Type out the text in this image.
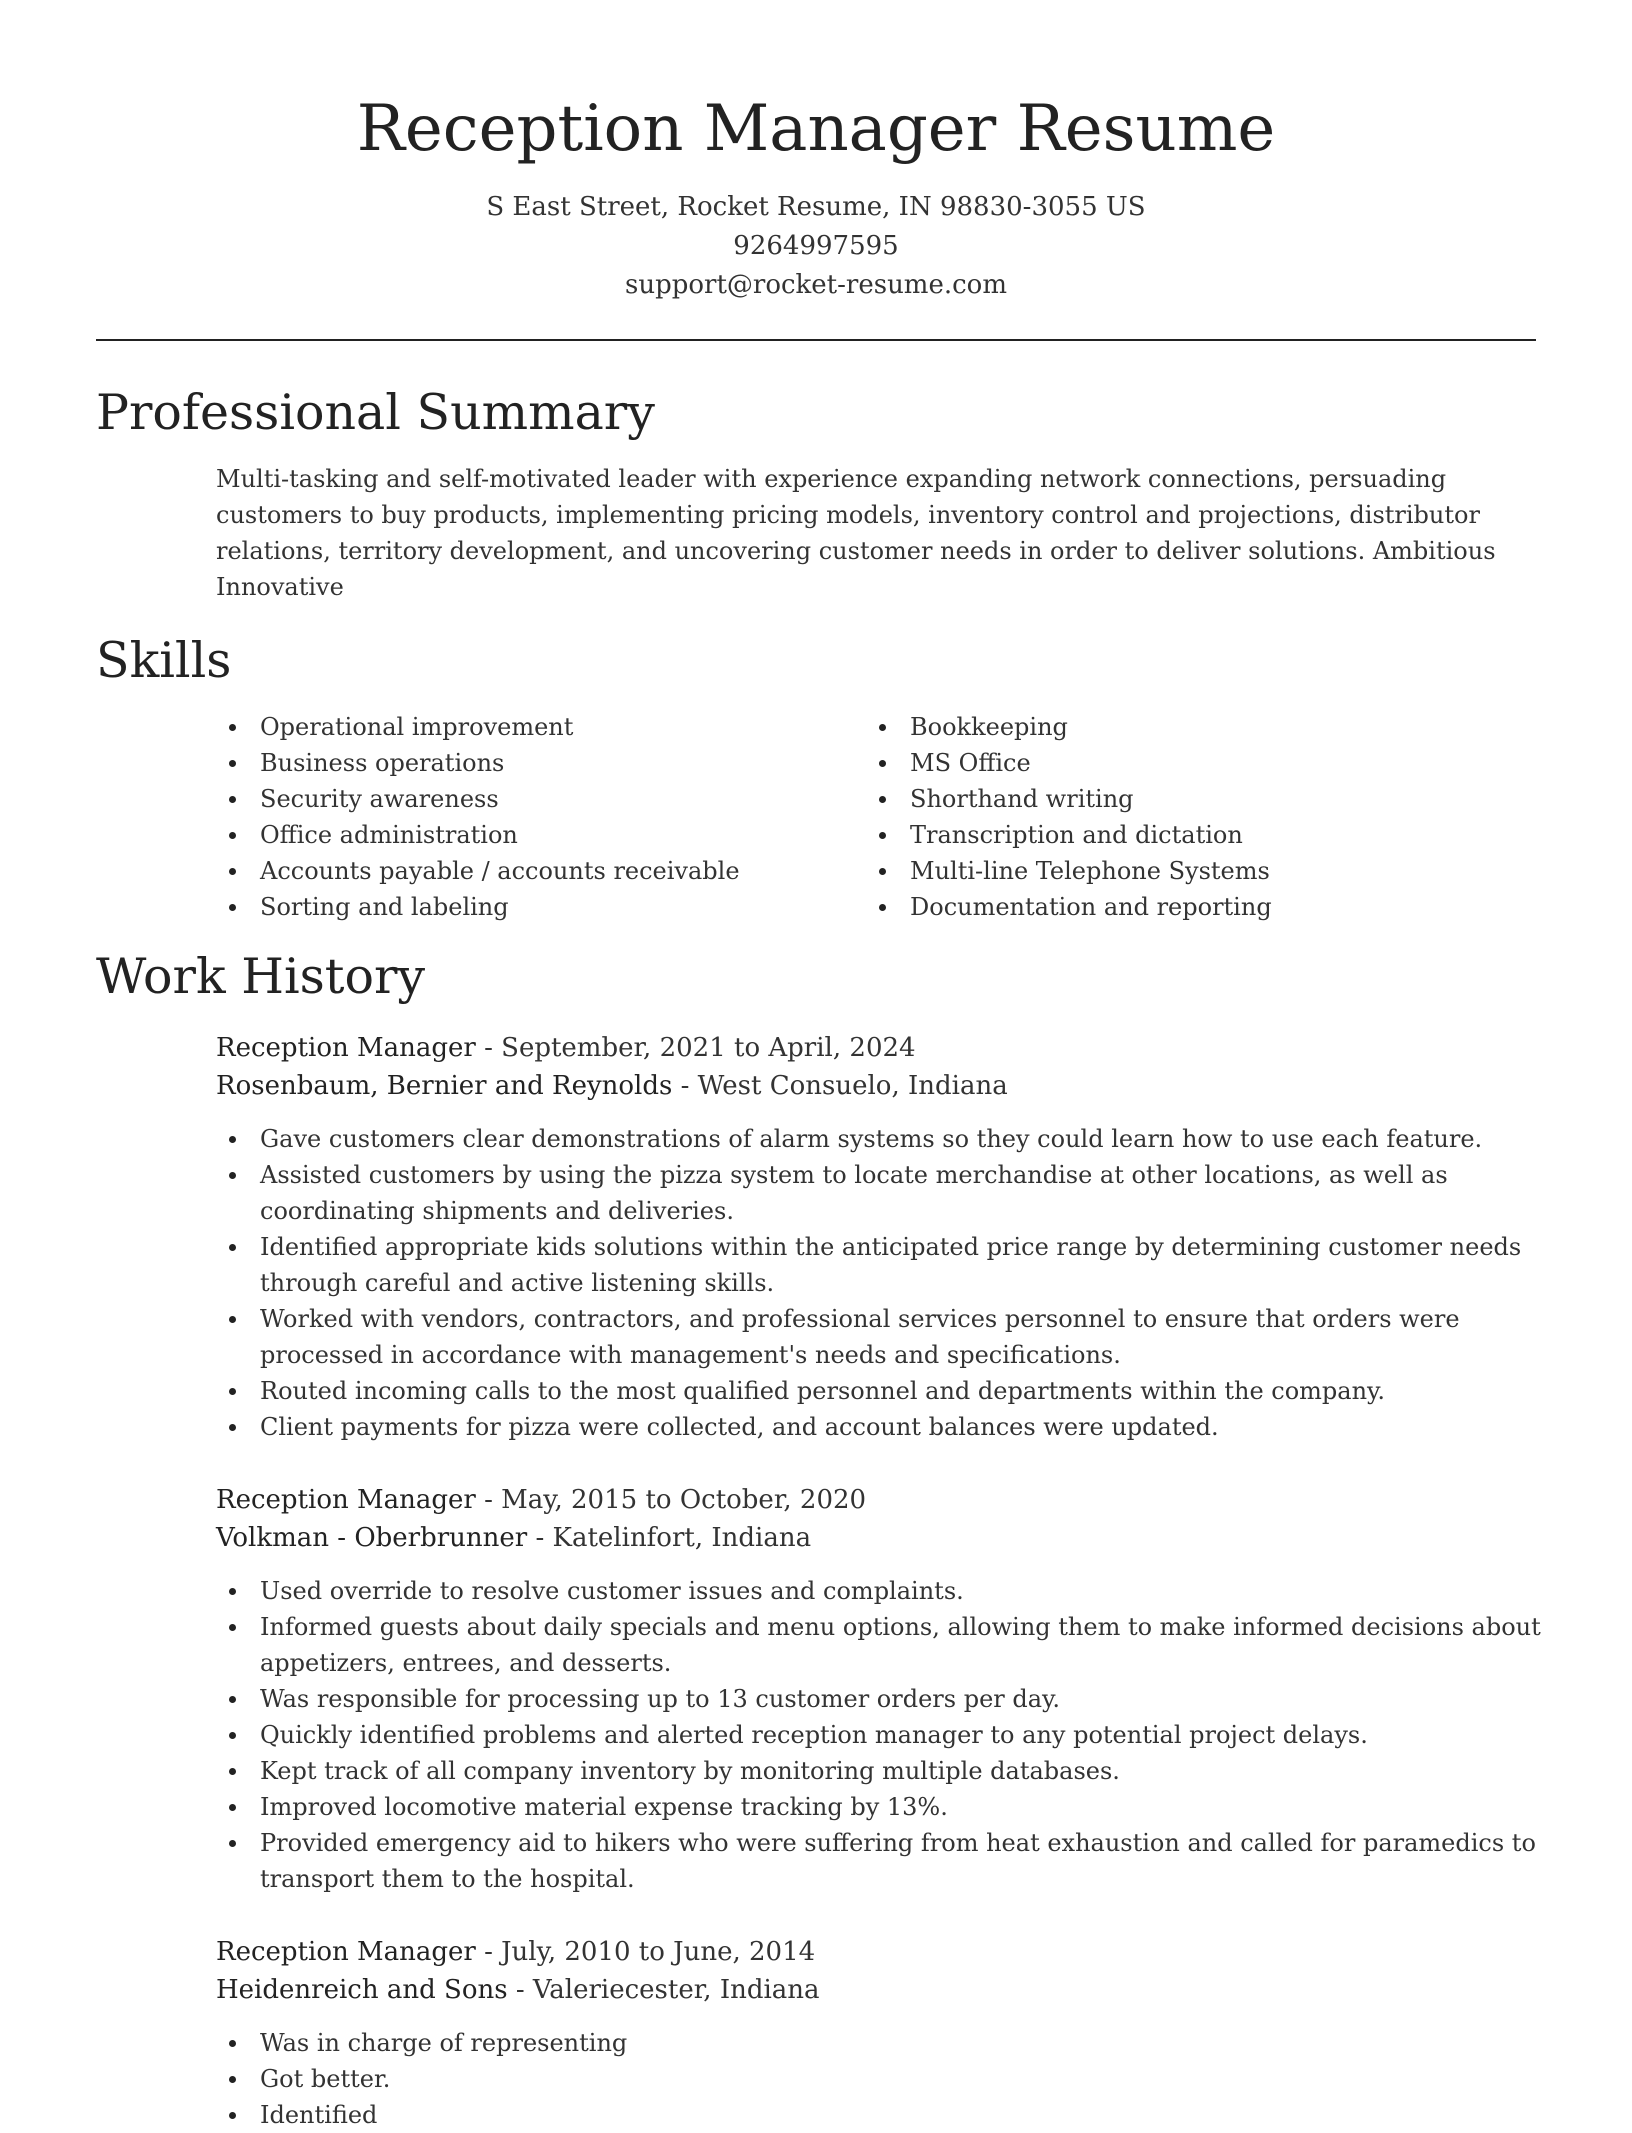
Reception Manager Resume
S East Street, Rocket Resume, IN 98830-3055 US
9264997595
support@rocket-resume.com
Professional Summary

Multi-tasking and self-motivated leader with experience expanding network connections, persuading customers to buy products, implementing pricing models, inventory control and projections, distributor relations, territory development, and uncovering customer needs in order to deliver solutions. Ambitious Innovative

Skills
Operational improvement
Business operations
Security awareness
Office administration
Accounts payable / accounts receivable
Sorting and labeling
Bookkeeping
MS Office
Shorthand writing
Transcription and dictation
Multi-line Telephone Systems
Documentation and reporting
Work History
Reception Manager - September, 2021 to April, 2024
Rosenbaum, Bernier and Reynolds - West Consuelo, Indiana
Gave customers clear demonstrations of alarm systems so they could learn how to use each feature.
Assisted customers by using the pizza system to locate merchandise at other locations, as well as coordinating shipments and deliveries.
Identified appropriate kids solutions within the anticipated price range by determining customer needs through careful and active listening skills.
Worked with vendors, contractors, and professional services personnel to ensure that orders were processed in accordance with management's needs and specifications.
Routed incoming calls to the most qualified personnel and departments within the company.
Client payments for pizza were collected, and account balances were updated.
Reception Manager - May, 2015 to October, 2020
Volkman - Oberbrunner - Katelinfort, Indiana
Used override to resolve customer issues and complaints.
Informed guests about daily specials and menu options, allowing them to make informed decisions about appetizers, entrees, and desserts.
Was responsible for processing up to 13 customer orders per day.
Quickly identified problems and alerted reception manager to any potential project delays.
Kept track of all company inventory by monitoring multiple databases.
Improved locomotive material expense tracking by 13%.
Provided emergency aid to hikers who were suffering from heat exhaustion and called for paramedics to transport them to the hospital.
Reception Manager - July, 2010 to June, 2014
Heidenreich and Sons - Valeriecester, Indiana
Was in charge of representing
Got better.
Identified
